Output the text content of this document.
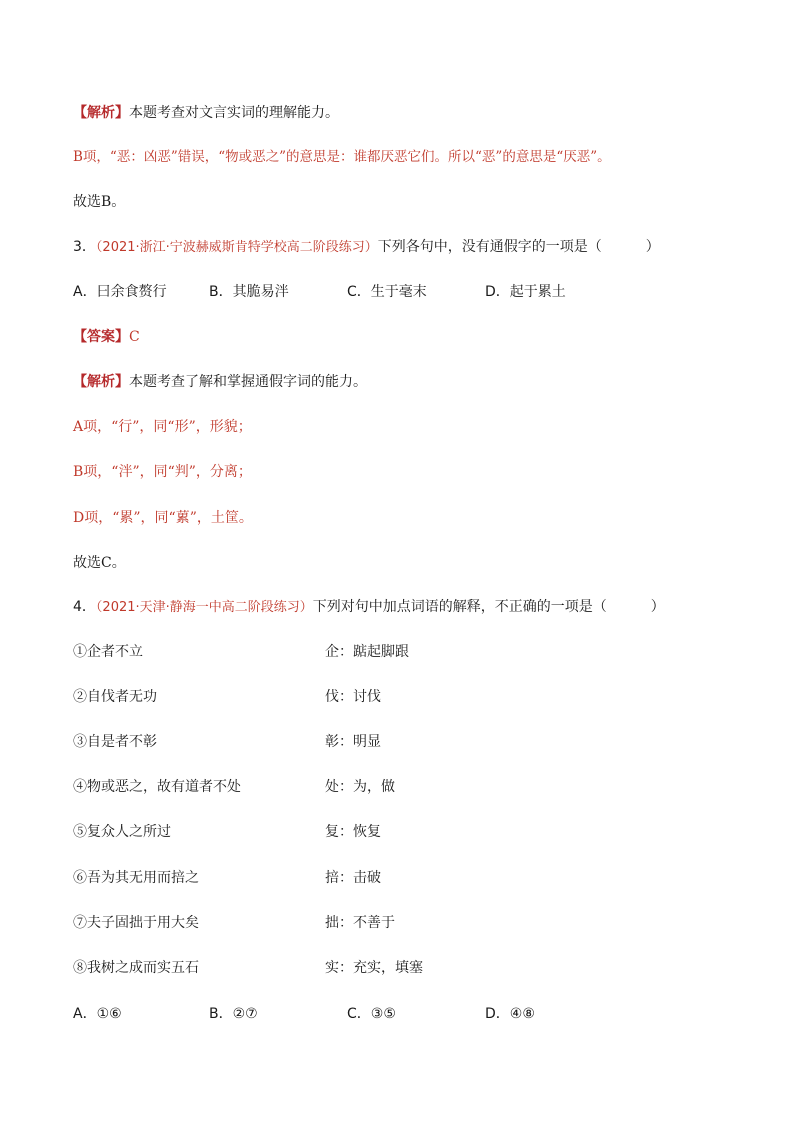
【解析】本题考查对文言实词的理解能力。
B项，“恶：凶恶”错误，“物或恶之”的意思是：谁都厌恶它们。所以“恶”的意思是“厌恶”。
故选B。
3．（2021·浙江·宁波赫威斯肯特学校高二阶段练习）下列各句中，没有通假字的一项是（	）
A．曰余食赘行	B．其脆易泮	C．生于毫末	D．起于累土
【答案】C
【解析】本题考查了解和掌握通假字词的能力。
A项，“行”，同“形”，形貌；
B项，“泮”，同“判”，分离；
D项，“累”，同“蔂”，土筐。
故选C。
4．（2021·天津·静海一中高二阶段练习）下列对句中加点词语的解释，不正确的一项是（	）
①企者不立	企：踮起脚跟
②自伐者无功	伐：讨伐
③自是者不彰	彰：明显
④物或恶之，故有道者不处	处：为，做
⑤复众人之所过	复：恢复
⑥吾为其无用而掊之	掊：击破
⑦夫子固拙于用大矣	拙：不善于
⑧我树之成而实五石	实：充实，填塞
A．①⑥	B．②⑦	C．③⑤	D．④⑧
